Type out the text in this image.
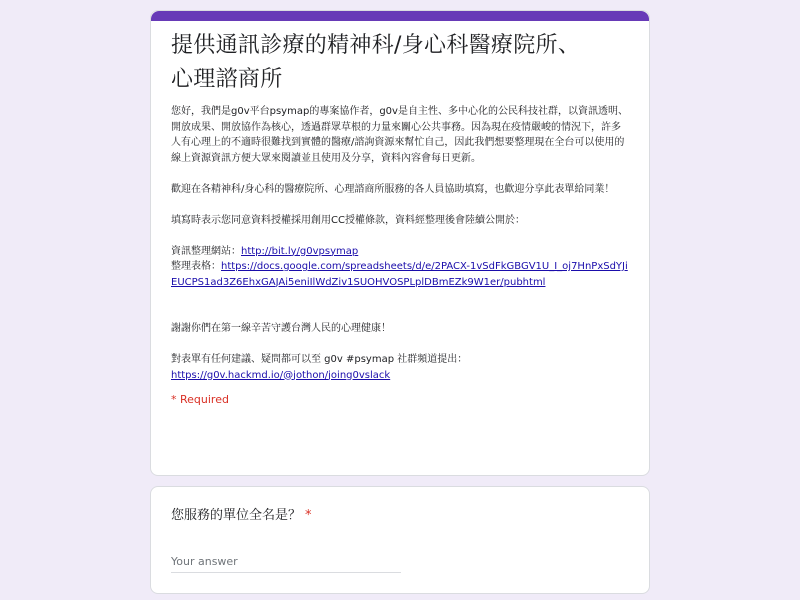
提供通訊診療的精神科/身心科醫療院所、
心理諮商所
您好，我們是g0v平台psymap的專案協作者，g0v是自主性、多中心化的公民科技社群，以資訊透明、開放成果、開放協作為核心，透過群眾草根的力量來關心公共事務。因為現在疫情嚴峻的情況下，許多人有心理上的不適時很難找到實體的醫療/諮詢資源來幫忙自己，因此我們想要整理現在全台可以使用的線上資源資訊方便大眾來閱讀並且使用及分享，資料內容會每日更新。

歡迎在各精神科/身心科的醫療院所、心理諮商所服務的各人員協助填寫，也歡迎分享此表單給同業！

填寫時表示您同意資料授權採用創用CC授權條款，資料經整理後會陸續公開於：

資訊整理網站：http://bit.ly/g0vpsymap
整理表格：https://docs.google.com/spreadsheets/d/e/2PACX-1vSdFkGBGV1U_I_oj7HnPxSdYJiEUCPS1ad3Z6EhxGAJAi5eniIlWdZiv1SUOHVOSPLplDBmEZk9W1er/pubhtml

謝謝你們在第一線辛苦守護台灣人民的心理健康！

對表單有任何建議、疑問都可以至 g0v #psymap 社群頻道提出：
https://g0v.hackmd.io/@jothon/joing0vslack
* Required
您服務的單位全名是？ *
Your answer
